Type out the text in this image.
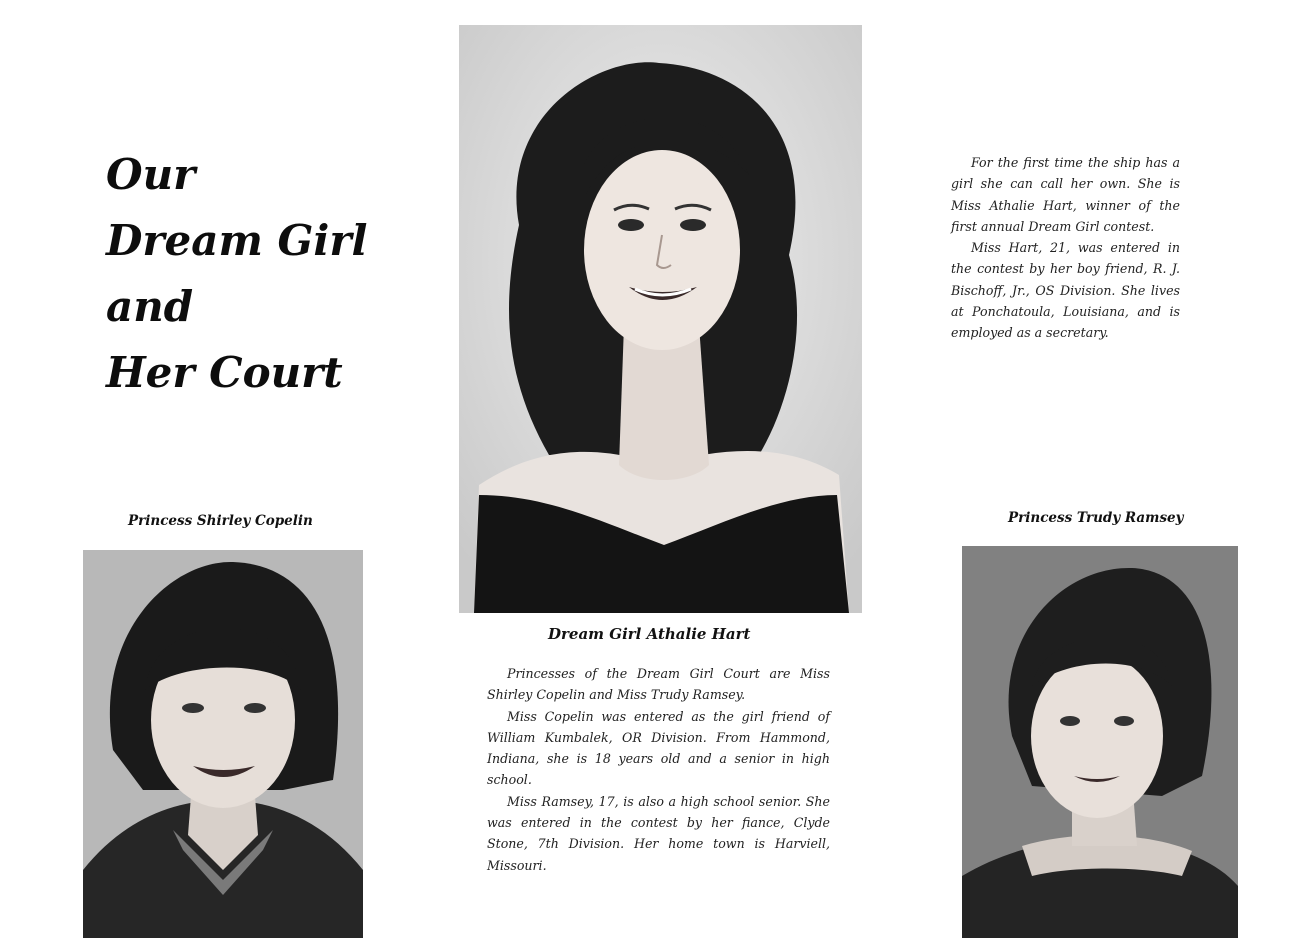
Our
Dream Girl
and
Her Court
Dream Girl Athalie Hart
Princess Shirley Copelin	Princess Trudy Ramsey

For the first time the ship has a girl she can call her own. She is Miss Athalie Hart, winner of the first annual Dream Girl contest.

Miss Hart, 21, was entered in the contest by her boy friend, R. J. Bischoff, Jr., OS Division. She lives at Ponchatoula, Louisiana, and is employed as a secretary.

Princesses of the Dream Girl Court are Miss Shirley Copelin and Miss Trudy Ramsey.

Miss Copelin was entered as the girl friend of William Kumbalek, OR Division. From Hammond, Indiana, she is 18 years old and a senior in high school.

Miss Ramsey, 17, is also a high school senior. She was entered in the contest by her fiance, Clyde Stone, 7th Division. Her home town is Harviell, Missouri.
